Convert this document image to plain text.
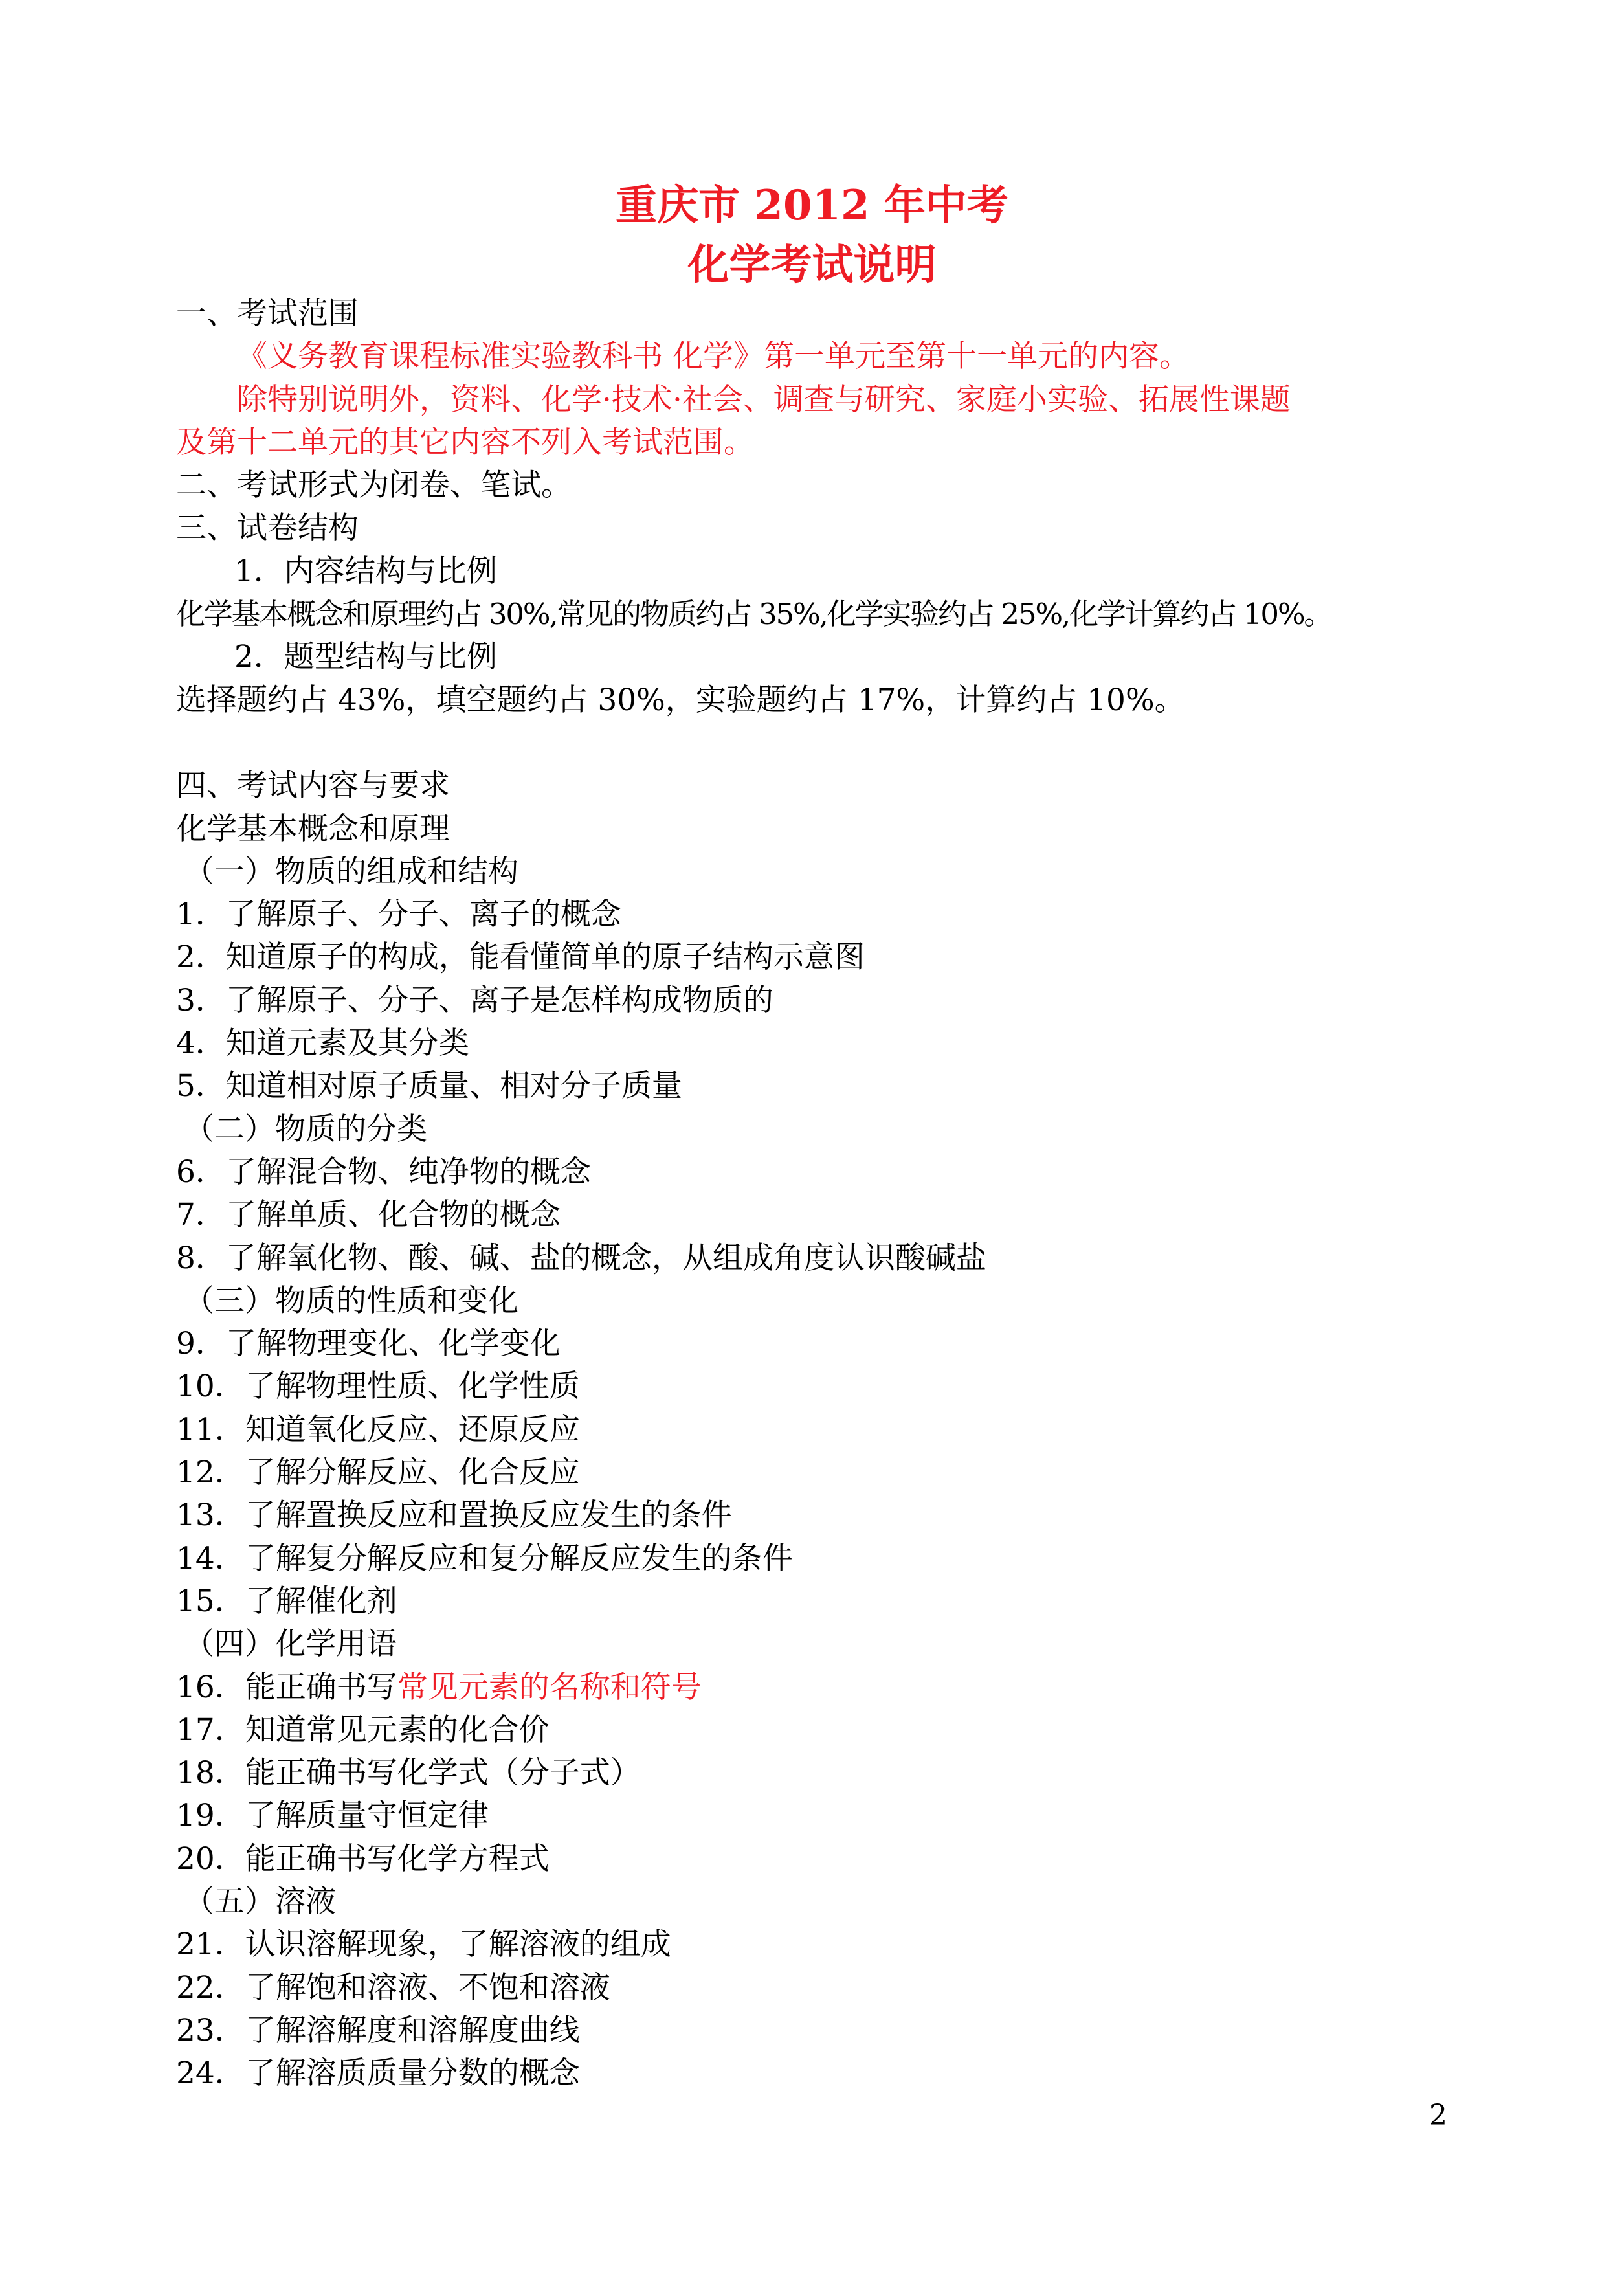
重庆市 2012 年中考
化学考试说明
一、考试范围
《义务教育课程标准实验教科书 化学》第一单元至第十一单元的内容。
除特别说明外，资料、化学·技术·社会、调查与研究、家庭小实验、拓展性课题
及第十二单元的其它内容不列入考试范围。
二、考试形式为闭卷、笔试。
三、试卷结构
1．内容结构与比例
化学基本概念和原理约占 30%,常见的物质约占 35%,化学实验约占 25%,化学计算约占 10%。
2．题型结构与比例
选择题约占 43%，填空题约占 30%，实验题约占 17%，计算约占 10%。
四、考试内容与要求
化学基本概念和原理
（一）物质的组成和结构
1．了解原子、分子、离子的概念
2．知道原子的构成，能看懂简单的原子结构示意图
3．了解原子、分子、离子是怎样构成物质的
4．知道元素及其分类
5．知道相对原子质量、相对分子质量
（二）物质的分类
6．了解混合物、纯净物的概念
7．了解单质、化合物的概念
8．了解氧化物、酸、碱、盐的概念，从组成角度认识酸碱盐
（三）物质的性质和变化
9．了解物理变化、化学变化
10．了解物理性质、化学性质
11．知道氧化反应、还原反应
12．了解分解反应、化合反应
13．了解置换反应和置换反应发生的条件
14．了解复分解反应和复分解反应发生的条件
15．了解催化剂
（四）化学用语
16．能正确书写常见元素的名称和符号
17．知道常见元素的化合价
18．能正确书写化学式（分子式）
19．了解质量守恒定律
20．能正确书写化学方程式
（五）溶液
21．认识溶解现象，了解溶液的组成
22．了解饱和溶液、不饱和溶液
23．了解溶解度和溶解度曲线
24．了解溶质质量分数的概念
2
